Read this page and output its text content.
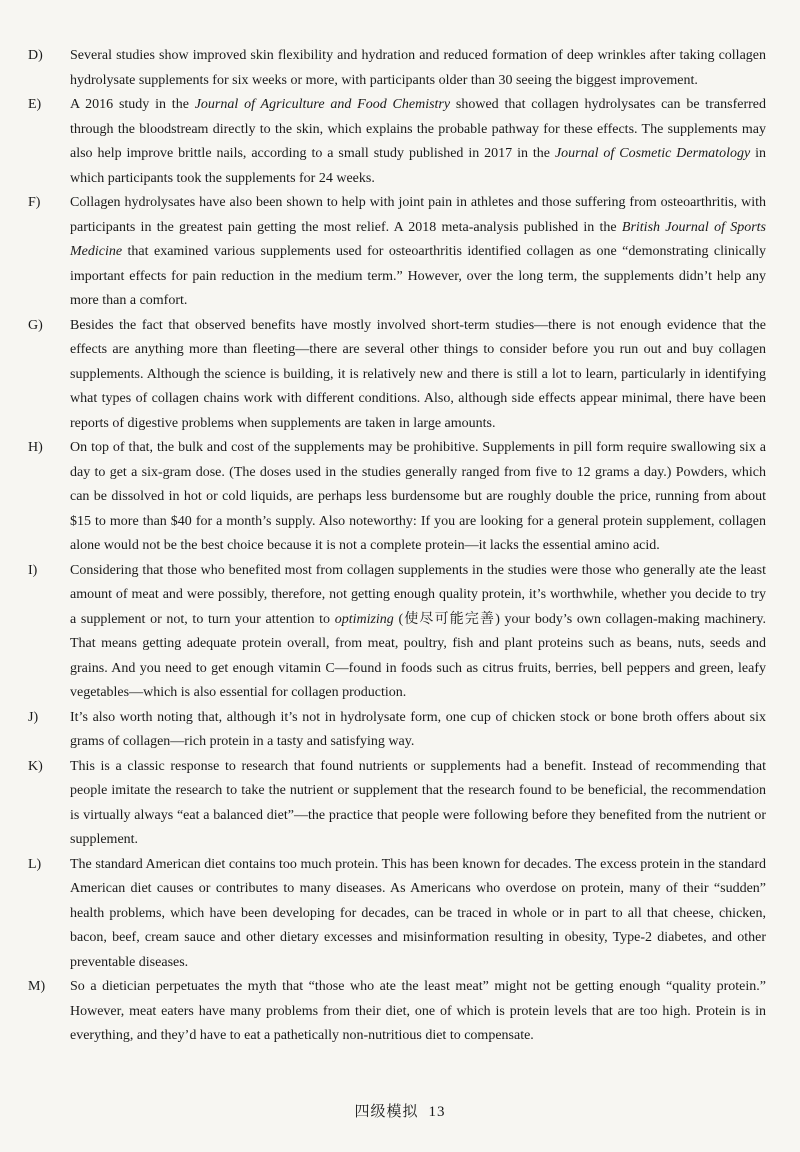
D)	Several studies show improved skin flexibility and hydration and reduced formation of deep wrinkles after taking collagen hydrolysate supplements for six weeks or more, with participants older than 30 seeing the biggest improvement.
E)	A 2016 study in the Journal of Agriculture and Food Chemistry showed that collagen hydrolysates can be transferred through the bloodstream directly to the skin, which explains the probable pathway for these effects. The supplements may also help improve brittle nails, according to a small study published in 2017 in the Journal of Cosmetic Dermatology in which participants took the supplements for 24 weeks.
F)	Collagen hydrolysates have also been shown to help with joint pain in athletes and those suffering from osteoarthritis, with participants in the greatest pain getting the most relief. A 2018 meta-analysis published in the British Journal of Sports Medicine that examined various supplements used for osteoarthritis identified collagen as one “demonstrating clinically important effects for pain reduction in the medium term.” However, over the long term, the supplements didn’t help any more than a comfort.
G)	Besides the fact that observed benefits have mostly involved short-term studies—there is not enough evidence that the effects are anything more than fleeting—there are several other things to consider before you run out and buy collagen supplements. Although the science is building, it is relatively new and there is still a lot to learn, particularly in identifying what types of collagen chains work with different conditions. Also, although side effects appear minimal, there have been reports of digestive problems when supplements are taken in large amounts.
H)	On top of that, the bulk and cost of the supplements may be prohibitive. Supplements in pill form require swallowing six a day to get a six-gram dose. (The doses used in the studies generally ranged from five to 12 grams a day.) Powders, which can be dissolved in hot or cold liquids, are perhaps less burdensome but are roughly double the price, running from about $15 to more than $40 for a month’s supply. Also noteworthy: If you are looking for a general protein supplement, collagen alone would not be the best choice because it is not a complete protein—it lacks the essential amino acid.
I)	Considering that those who benefited most from collagen supplements in the studies were those who generally ate the least amount of meat and were possibly, therefore, not getting enough quality protein, it’s worthwhile, whether you decide to try a supplement or not, to turn your attention to optimizing (使尽可能完善) your body’s own collagen-making machinery. That means getting adequate protein overall, from meat, poultry, fish and plant proteins such as beans, nuts, seeds and grains. And you need to get enough vitamin C—found in foods such as citrus fruits, berries, bell peppers and green, leafy vegetables—which is also essential for collagen production.
J)	It’s also worth noting that, although it’s not in hydrolysate form, one cup of chicken stock or bone broth offers about six grams of collagen—rich protein in a tasty and satisfying way.
K)	This is a classic response to research that found nutrients or supplements had a benefit. Instead of recommending that people imitate the research to take the nutrient or supplement that the research found to be beneficial, the recommendation is virtually always “eat a balanced diet”—the practice that people were following before they benefited from the nutrient or supplement.
L)	The standard American diet contains too much protein. This has been known for decades. The excess protein in the standard American diet causes or contributes to many diseases. As Americans who overdose on protein, many of their “sudden” health problems, which have been developing for decades, can be traced in whole or in part to all that cheese, chicken, bacon, beef, cream sauce and other dietary excesses and misinformation resulting in obesity, Type-2 diabetes, and other preventable diseases.
M)	So a dietician perpetuates the myth that “those who ate the least meat” might not be getting enough “quality protein.” However, meat eaters have many problems from their diet, one of which is protein levels that are too high. Protein is in everything, and they’d have to eat a pathetically non-nutritious diet to compensate.
四级模拟 13
